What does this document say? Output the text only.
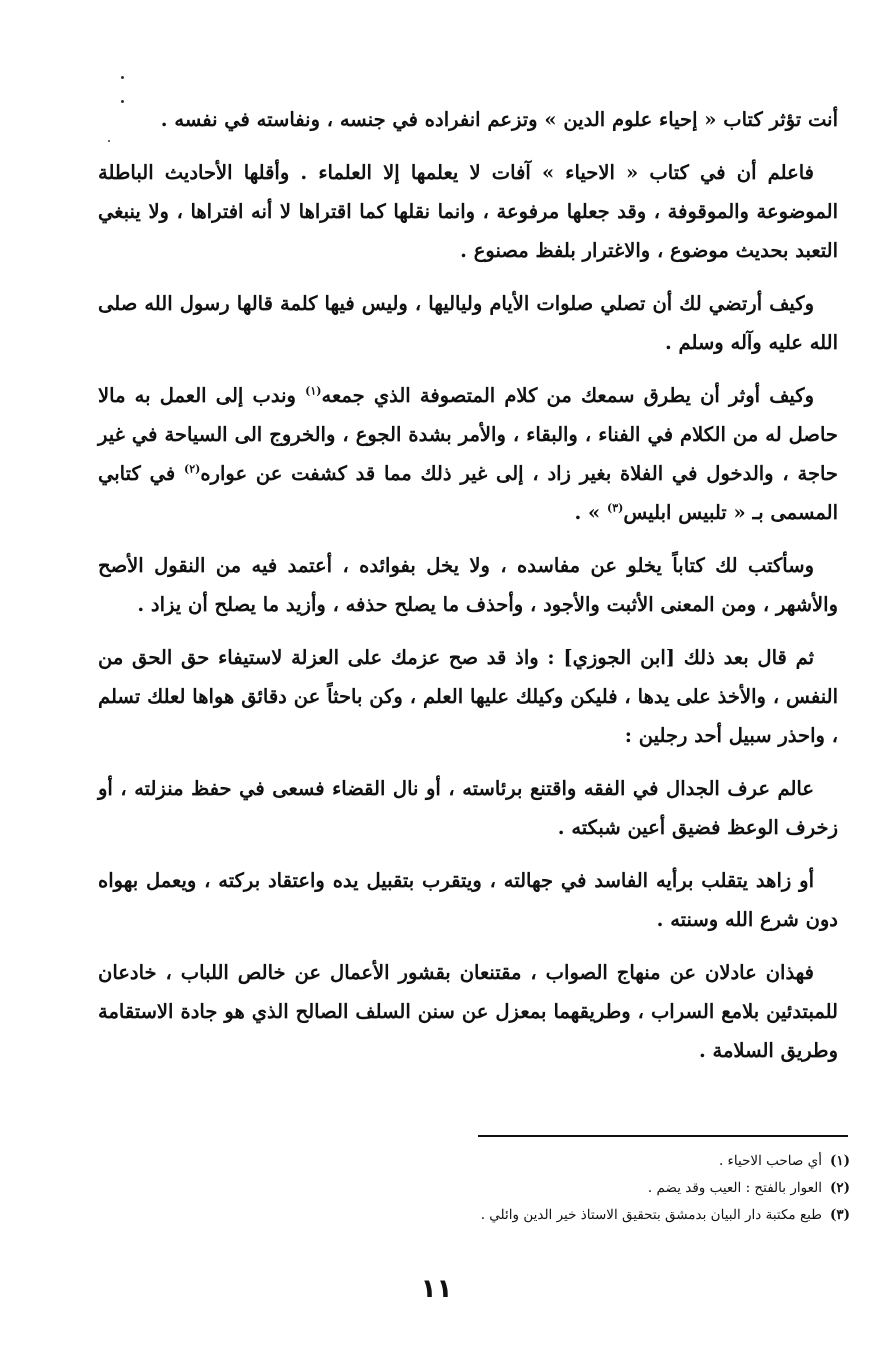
أنت تؤثر كتاب « إحياء علوم الدين » وتزعم انفراده في جنسه ، ونفاسته في نفسه .

فاعلم أن في كتاب « الاحياء » آفات لا يعلمها إلا العلماء . وأقلها الأحاديث الباطلة الموضوعة والموقوفة ، وقد جعلها مرفوعة ، وانما نقلها كما اقتراها لا أنه افتراها ، ولا ينبغي التعبد بحديث موضوع ، والاغترار بلفظ مصنوع .

وكيف أرتضي لك أن تصلي صلوات الأيام ولياليها ، وليس فيها كلمة قالها رسول الله صلى الله عليه وآله وسلم .

وكيف أوثر أن يطرق سمعك من كلام المتصوفة الذي جمعه$^{(١)}$ وندب إلى العمل به مالا حاصل له من الكلام في الفناء ، والبقاء ، والأمر بشدة الجوع ، والخروج الى السياحة في غير حاجة ، والدخول في الفلاة بغير زاد ، إلى غير ذلك مما قد كشفت عن عواره$^{(٢)}$ في كتابي المسمى بـ « تلبيس ابليس$^{(٣)}$ » .

وسأكتب لك كتاباً يخلو عن مفاسده ، ولا يخل بفوائده ، أعتمد فيه من النقول الأصح والأشهر ، ومن المعنى الأثبت والأجود ، وأحذف ما يصلح حذفه ، وأزيد ما يصلح أن يزاد .

ثم قال بعد ذلك [ابن الجوزي] : واذ قد صح عزمك على العزلة لاستيفاء حق الحق من النفس ، والأخذ على يدها ، فليكن وكيلك عليها العلم ، وكن باحثاً عن دقائق هواها لعلك تسلم ، واحذر سبيل أحد رجلين :

عالم عرف الجدال في الفقه واقتنع برئاسته ، أو نال القضاء فسعى في حفظ منزلته ، أو زخرف الوعظ فضيق أعين شبكته .

أو زاهد يتقلب برأيه الفاسد في جهالته ، ويتقرب بتقبيل يده واعتقاد بركته ، ويعمل بهواه دون شرع الله وسنته .

فهذان عادلان عن منهاج الصواب ، مقتنعان بقشور الأعمال عن خالص اللباب ، خادعان للمبتدئين بلامع السراب ، وطريقهما بمعزل عن سنن السلف الصالح الذي هو جادة الاستقامة وطريق السلامة .

(١)أي صاحب الاحياء .

(٢)العوار بالفتح : العيب وقد يضم .

(٣)طبع مكتبة دار البيان بدمشق بتحقيق الاستاذ خير الدين وائلي .

١١
